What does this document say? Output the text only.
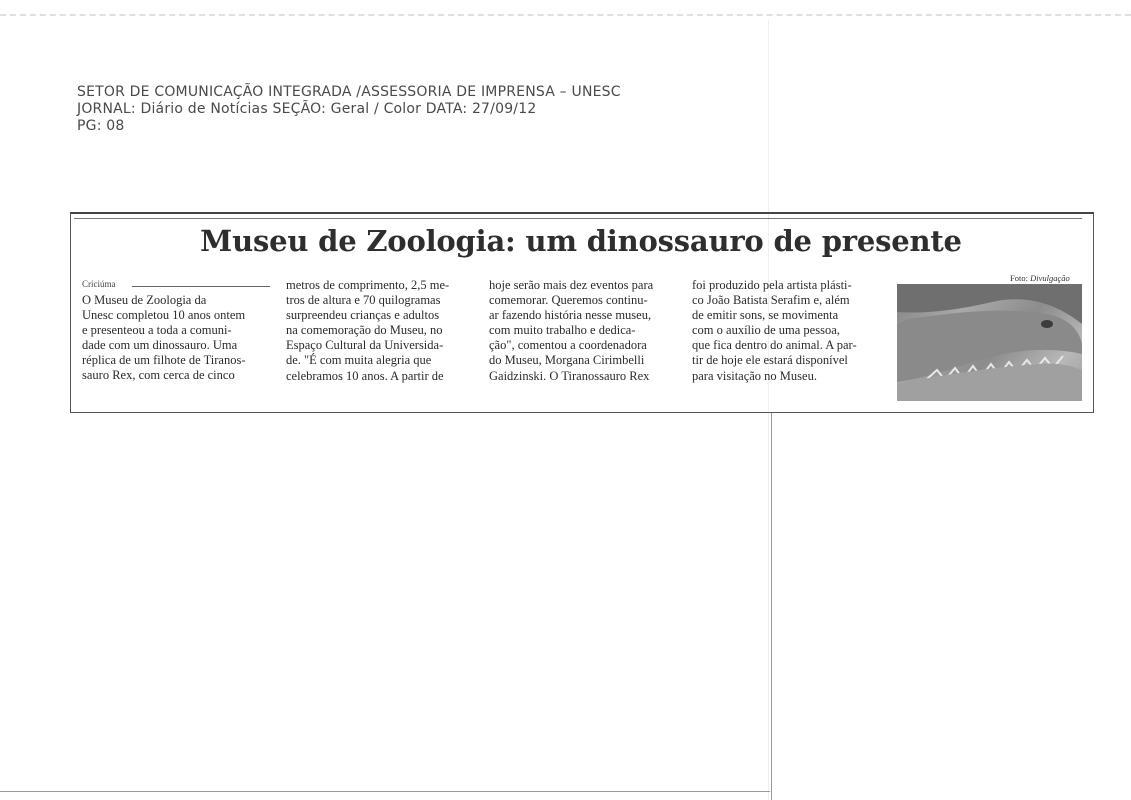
SETOR DE COMUNICAÇÃO INTEGRADA /ASSESSORIA DE IMPRENSA – UNESC
JORNAL: Diário de Notícias SEÇÃO: Geral / Color DATA: 27/09/12
PG: 08
Museu de Zoologia: um dinossauro de presente
Criciúma
O Museu de Zoologia da
Unesc completou 10 anos ontem
e presenteou a toda a comuni-
dade com um dinossauro. Uma
réplica de um filhote de Tiranos-
sauro Rex, com cerca de cinco
metros de comprimento, 2,5 me-
tros de altura e 70 quilogramas
surpreendeu crianças e adultos
na comemoração do Museu, no
Espaço Cultural da Universida-
de. "É com muita alegria que
celebramos 10 anos. A partir de
hoje serão mais dez eventos para
comemorar. Queremos continu-
ar fazendo história nesse museu,
com muito trabalho e dedica-
ção", comentou a coordenadora
do Museu, Morgana Cirimbelli
Gaidzinski. O Tiranossauro Rex
foi produzido pela artista plásti-
co João Batista Serafim e, além
de emitir sons, se movimenta
com o auxílio de uma pessoa,
que fica dentro do animal. A par-
tir de hoje ele estará disponível
para visitação no Museu.
Foto: Divulgação
